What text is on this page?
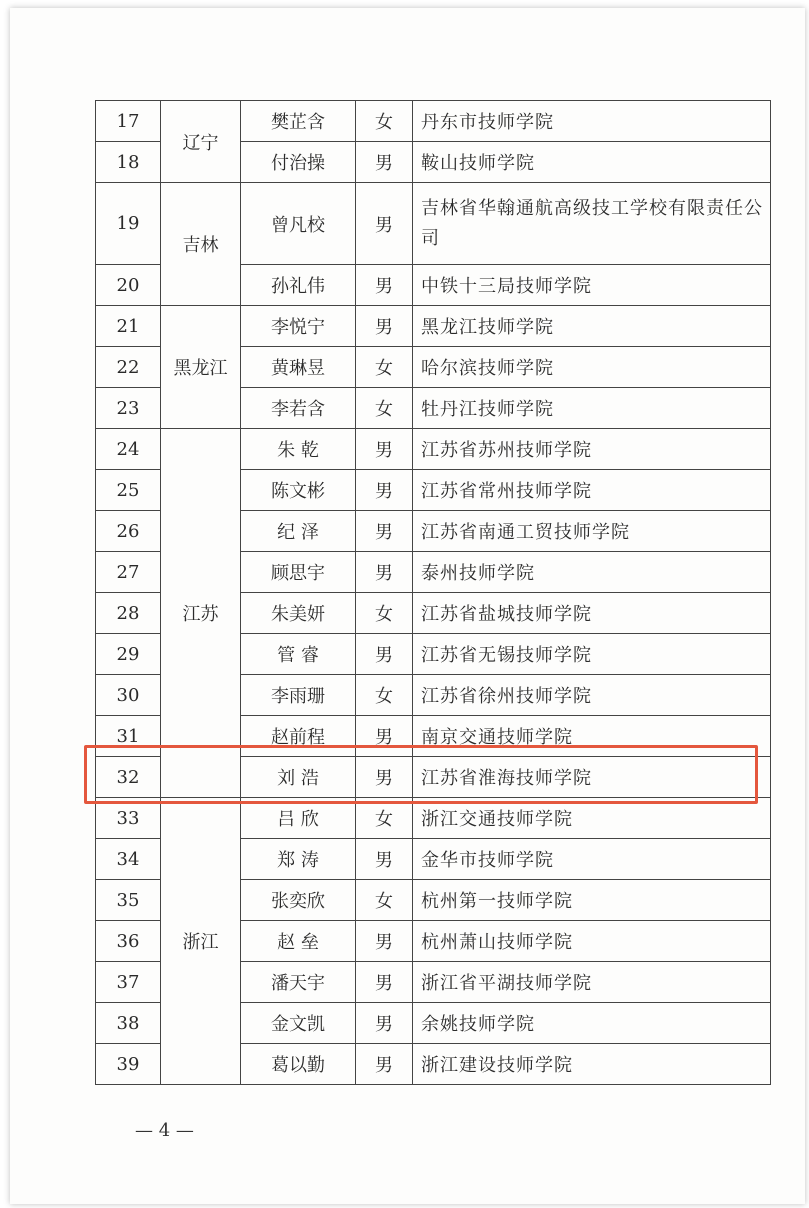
17	辽宁	樊芷含	女	丹东市技师学院
18		付治操	男	鞍山技师学院
19	吉林	曾凡校	男	吉林省华翰通航高级技工学校有限责任公司
20		孙礼伟	男	中铁十三局技师学院
21	黑龙江	李悦宁	男	黑龙江技师学院
22		黄琳昱	女	哈尔滨技师学院
23		李若含	女	牡丹江技师学院
24	江苏	朱 乾	男	江苏省苏州技师学院
25		陈文彬	男	江苏省常州技师学院
26		纪 泽	男	江苏省南通工贸技师学院
27		顾思宇	男	泰州技师学院
28		朱美妍	女	江苏省盐城技师学院
29		管 睿	男	江苏省无锡技师学院
30		李雨珊	女	江苏省徐州技师学院
31		赵前程	男	南京交通技师学院
32		刘 浩	男	江苏省淮海技师学院
33	浙江	吕 欣	女	浙江交通技师学院
34		郑 涛	男	金华市技师学院
35		张奕欣	女	杭州第一技师学院
36		赵 垒	男	杭州萧山技师学院
37		潘天宇	男	浙江省平湖技师学院
38		金文凯	男	余姚技师学院
39		葛以勤	男	浙江建设技师学院
— 4 —
